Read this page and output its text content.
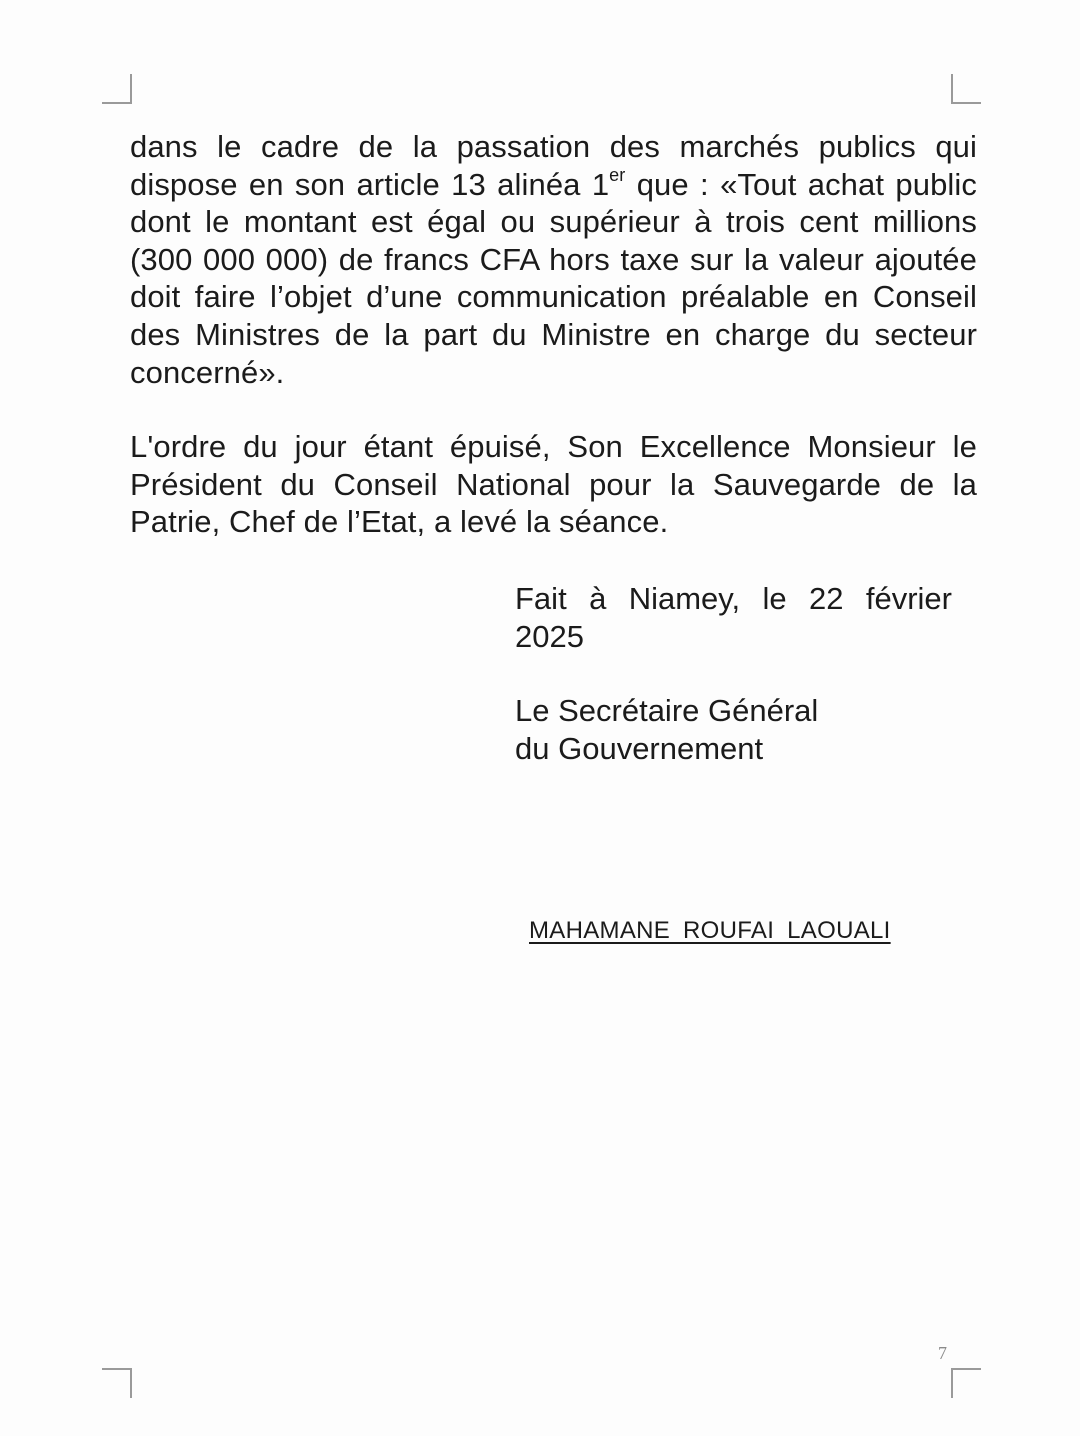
dans le cadre de la passation des marchés publics qui dispose en son article 13 alinéa 1er que : «Tout achat public dont le montant est égal ou supérieur à trois cent millions (300 000 000) de francs CFA hors taxe sur la valeur ajoutée doit faire l’objet d’une communication préalable en Conseil des Ministres de la part du Ministre en charge du secteur concerné».

L'ordre du jour étant épuisé, Son Excellence Monsieur le Président du Conseil National pour la Sauvegarde de la Patrie, Chef de l’Etat, a levé la séance.

Fait à Niamey, le 22 février 2025

Le Secrétaire Général
du Gouvernement
MAHAMANE ROUFAI LAOUALI
7
